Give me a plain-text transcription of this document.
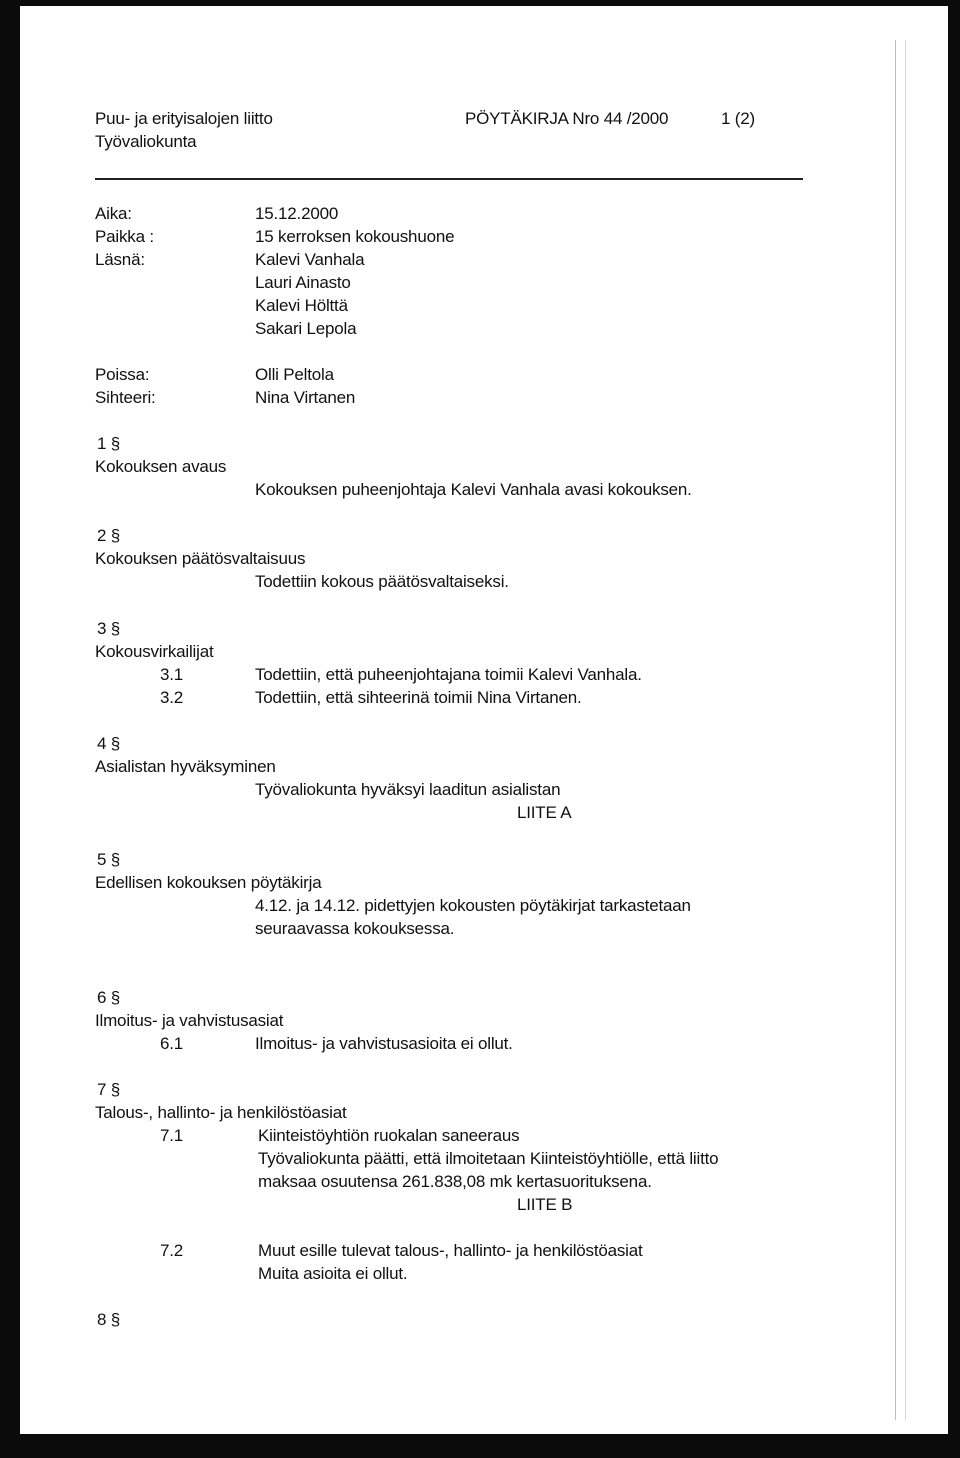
Puu- ja erityisalojen liitto
Työvaliokunta
PÖYTÄKIRJA Nro 44 /2000	1 (2)
Aika:	15.12.2000
Paikka :	15 kerroksen kokoushuone
Läsnä:	Kalevi Vanhala
Lauri Ainasto
Kalevi Hölttä
Sakari Lepola
Poissa:	Olli Peltola
Sihteeri:	Nina Virtanen
1 §
Kokouksen avaus
Kokouksen puheenjohtaja Kalevi Vanhala avasi kokouksen.
2 §
Kokouksen päätösvaltaisuus
Todettiin kokous päätösvaltaiseksi.
3 §
Kokousvirkailijat
3.1	Todettiin, että puheenjohtajana toimii Kalevi Vanhala.
3.2	Todettiin, että sihteerinä toimii Nina Virtanen.
4 §
Asialistan hyväksyminen
Työvaliokunta hyväksyi laaditun asialistan
LIITE A
5 §
Edellisen kokouksen pöytäkirja
4.12. ja 14.12. pidettyjen kokousten pöytäkirjat tarkastetaan
seuraavassa kokouksessa.
6 §
Ilmoitus- ja vahvistusasiat
6.1	Ilmoitus- ja vahvistusasioita ei ollut.
7 §
Talous-, hallinto- ja henkilöstöasiat
7.1	Kiinteistöyhtiön ruokalan saneeraus
Työvaliokunta päätti, että ilmoitetaan Kiinteistöyhtiölle, että liitto
maksaa osuutensa 261.838,08 mk kertasuorituksena.
LIITE B
7.2	Muut esille tulevat talous-, hallinto- ja henkilöstöasiat
Muita asioita ei ollut.
8 §
